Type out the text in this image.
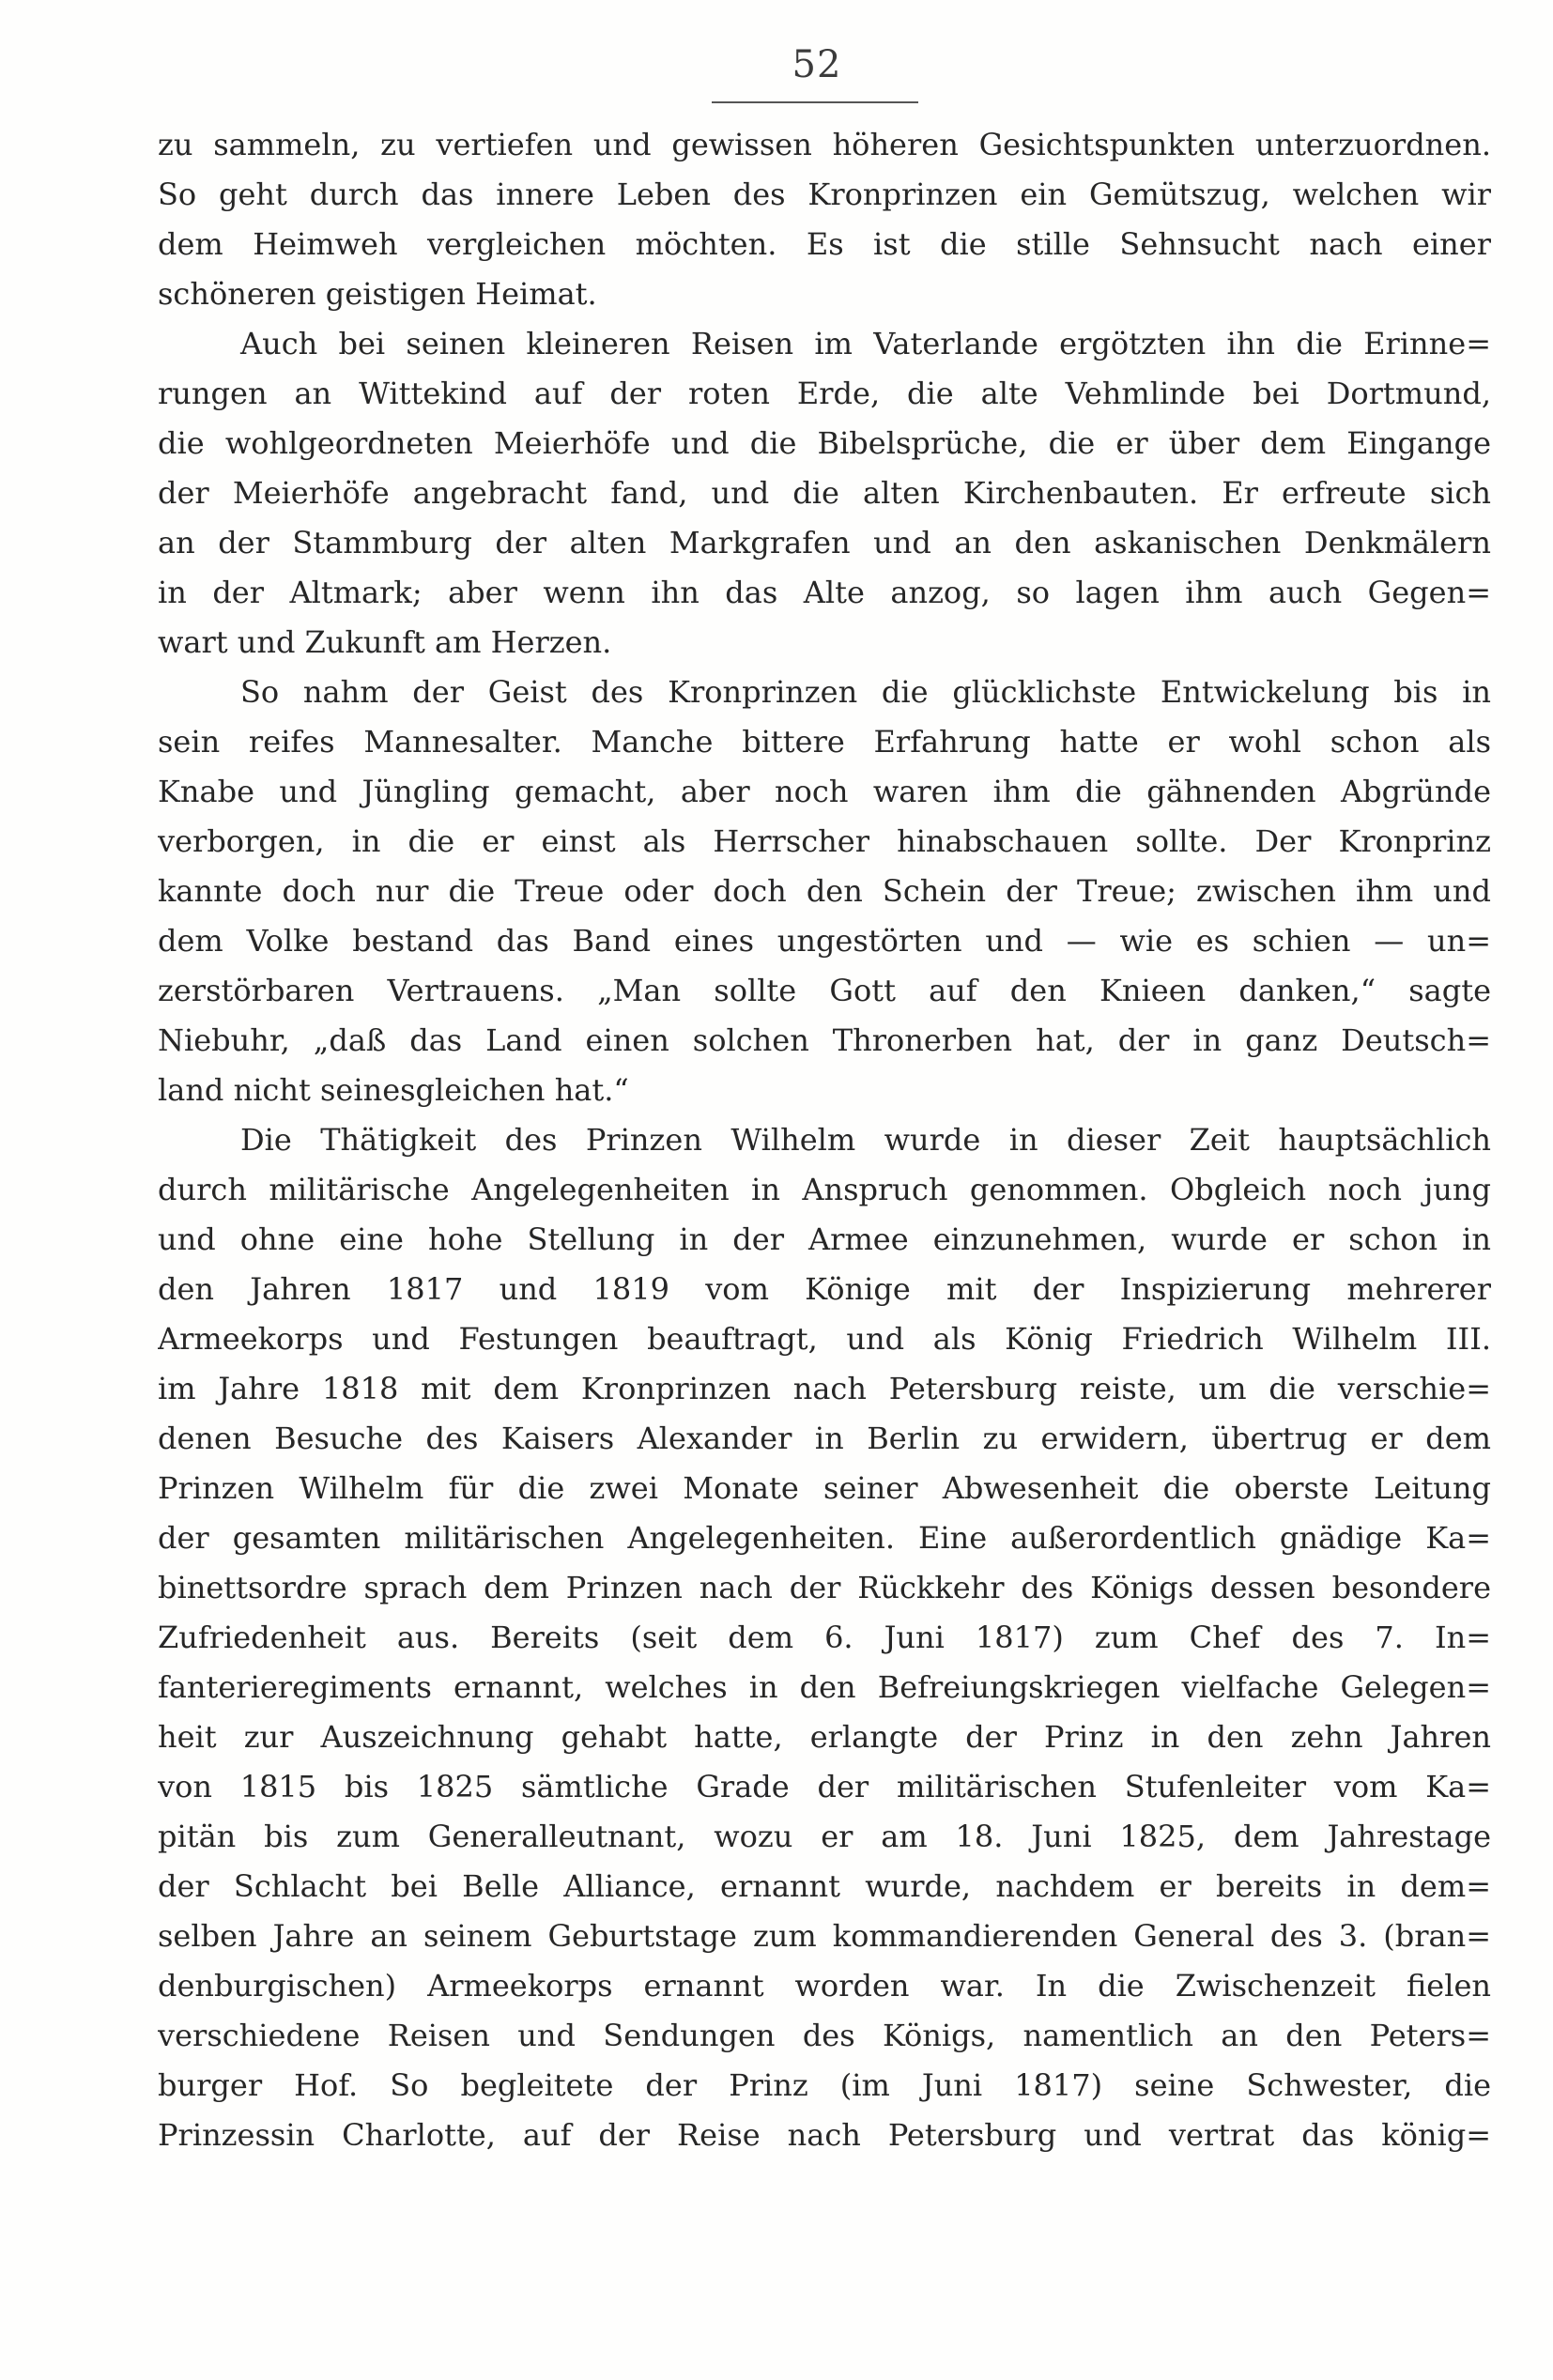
52
zu sammeln, zu vertiefen und gewissen höheren Gesichtspunkten unterzuordnen.
So geht durch das innere Leben des Kronprinzen ein Gemütszug, welchen wir
dem Heimweh vergleichen möchten. Es ist die stille Sehnsucht nach einer
schöneren geistigen Heimat.
Auch bei seinen kleineren Reisen im Vaterlande ergötzten ihn die Erinne=
rungen an Wittekind auf der roten Erde, die alte Vehmlinde bei Dortmund,
die wohlgeordneten Meierhöfe und die Bibelsprüche, die er über dem Eingange
der Meierhöfe angebracht fand, und die alten Kirchenbauten. Er erfreute sich
an der Stammburg der alten Markgrafen und an den askanischen Denkmälern
in der Altmark; aber wenn ihn das Alte anzog, so lagen ihm auch Gegen=
wart und Zukunft am Herzen.
So nahm der Geist des Kronprinzen die glücklichste Entwickelung bis in
sein reifes Mannesalter. Manche bittere Erfahrung hatte er wohl schon als
Knabe und Jüngling gemacht, aber noch waren ihm die gähnenden Abgründe
verborgen, in die er einst als Herrscher hinabschauen sollte. Der Kronprinz
kannte doch nur die Treue oder doch den Schein der Treue; zwischen ihm und
dem Volke bestand das Band eines ungestörten und — wie es schien — un=
zerstörbaren Vertrauens. „Man sollte Gott auf den Knieen danken,“ sagte
Niebuhr, „daß das Land einen solchen Thronerben hat, der in ganz Deutsch=
land nicht seinesgleichen hat.“
Die Thätigkeit des Prinzen Wilhelm wurde in dieser Zeit hauptsächlich
durch militärische Angelegenheiten in Anspruch genommen. Obgleich noch jung
und ohne eine hohe Stellung in der Armee einzunehmen, wurde er schon in
den Jahren 1817 und 1819 vom Könige mit der Inspizierung mehrerer
Armeekorps und Festungen beauftragt, und als König Friedrich Wilhelm III.
im Jahre 1818 mit dem Kronprinzen nach Petersburg reiste, um die verschie=
denen Besuche des Kaisers Alexander in Berlin zu erwidern, übertrug er dem
Prinzen Wilhelm für die zwei Monate seiner Abwesenheit die oberste Leitung
der gesamten militärischen Angelegenheiten. Eine außerordentlich gnädige Ka=
binettsordre sprach dem Prinzen nach der Rückkehr des Königs dessen besondere
Zufriedenheit aus. Bereits (seit dem 6. Juni 1817) zum Chef des 7. In=
fanterieregiments ernannt, welches in den Befreiungskriegen vielfache Gelegen=
heit zur Auszeichnung gehabt hatte, erlangte der Prinz in den zehn Jahren
von 1815 bis 1825 sämtliche Grade der militärischen Stufenleiter vom Ka=
pitän bis zum Generalleutnant, wozu er am 18. Juni 1825, dem Jahrestage
der Schlacht bei Belle Alliance, ernannt wurde, nachdem er bereits in dem=
selben Jahre an seinem Geburtstage zum kommandierenden General des 3. (bran=
denburgischen) Armeekorps ernannt worden war. In die Zwischenzeit fielen
verschiedene Reisen und Sendungen des Königs, namentlich an den Peters=
burger Hof. So begleitete der Prinz (im Juni 1817) seine Schwester, die
Prinzessin Charlotte, auf der Reise nach Petersburg und vertrat das könig=
